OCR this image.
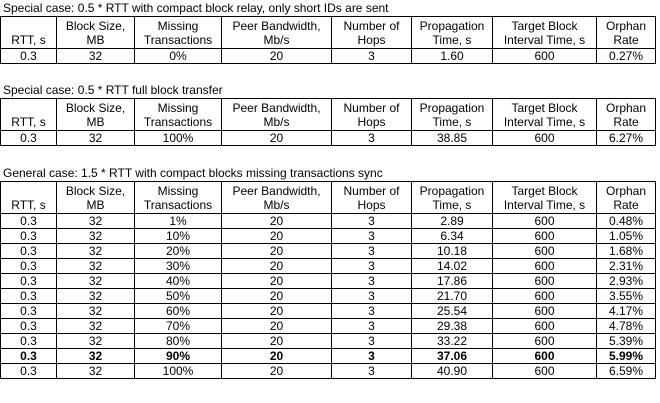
Special case: 0.5 * RTT with compact block relay, only short IDs are sent
RTT, s	Block Size, MB	Missing Transactions	Peer Bandwidth, Mb/s	Number of Hops	Propagation Time, s	Target Block Interval Time, s	Orphan Rate
0.3	32	0%	20	3	1.60	600	0.27%
Special case: 0.5 * RTT full block transfer
RTT, s	Block Size, MB	Missing Transactions	Peer Bandwidth, Mb/s	Number of Hops	Propagation Time, s	Target Block Interval Time, s	Orphan Rate
0.3	32	100%	20	3	38.85	600	6.27%
General case: 1.5 * RTT with compact blocks missing transactions sync
RTT, s	Block Size, MB	Missing Transactions	Peer Bandwidth, Mb/s	Number of Hops	Propagation Time, s	Target Block Interval Time, s	Orphan Rate
0.3	32	1%	20	3	2.89	600	0.48%
0.3	32	10%	20	3	6.34	600	1.05%
0.3	32	20%	20	3	10.18	600	1.68%
0.3	32	30%	20	3	14.02	600	2.31%
0.3	32	40%	20	3	17.86	600	2.93%
0.3	32	50%	20	3	21.70	600	3.55%
0.3	32	60%	20	3	25.54	600	4.17%
0.3	32	70%	20	3	29.38	600	4.78%
0.3	32	80%	20	3	33.22	600	5.39%
0.3	32	90%	20	3	37.06	600	5.99%
0.3	32	100%	20	3	40.90	600	6.59%
